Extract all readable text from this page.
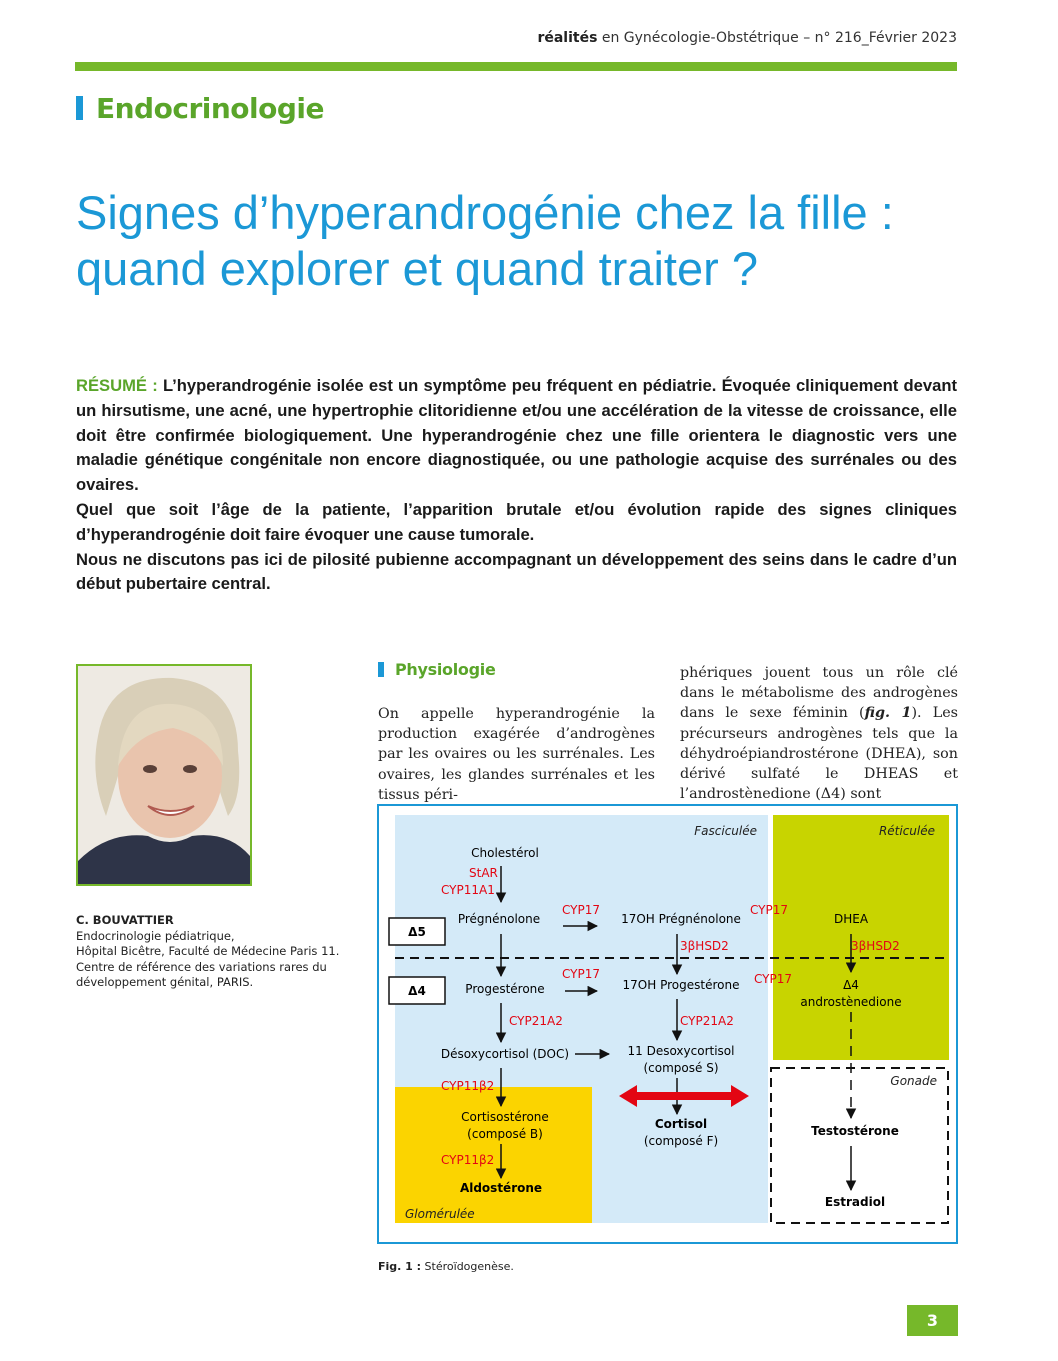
réalités en Gynécologie-Obstétrique – n° 216_Février 2023
Endocrinologie
Signes d’hyperandrogénie chez la fille :
quand explorer et quand traiter ?

RÉSUMÉ : L’hyperandrogénie isolée est un symptôme peu fréquent en pédiatrie. Évoquée cliniquement devant un hirsutisme, une acné, une hypertrophie clitoridienne et/ou une accélération de la vitesse de croissance, elle doit être confirmée biologiquement. Une hyperandrogénie chez une fille orientera le diagnostic vers une maladie génétique congénitale non encore diagnostiquée, ou une pathologie acquise des surrénales ou des ovaires.

Quel que soit l’âge de la patiente, l’apparition brutale et/ou évolution rapide des signes cliniques d’hyperandrogénie doit faire évoquer une cause tumorale.

Nous ne discutons pas ici de pilosité pubienne accompagnant un développement des seins dans le cadre d’un début pubertaire central.

C. BOUVATTIER
Endocrinologie pédiatrique,
Hôpital Bicêtre, Faculté de Médecine Paris 11.
Centre de référence des variations rares du
développement génital, PARIS.
Physiologie
On appelle hyperandrogénie la production exagérée d’androgènes par les ovaires ou les surrénales. Les ovaires, les glandes surrénales et les tissus péri-
phériques jouent tous un rôle clé dans le métabolisme des androgènes dans le sexe féminin (fig. 1). Les précurseurs androgènes tels que la déhydroépiandrostérone (DHEA), son dérivé sulfaté le DHEAS et l’androstènedione (Δ4) sont
Fasciculée	Réticulée
Glomérulée
Gonade
Δ5
Δ4
Cholestérol
Prégnénolone	17OH Prégnénolone	DHEA
Progestérone	17OH Progestérone	Δ4
androstènedione
Désoxycortisol (DOC)	11 Desoxycortisol
(composé S)
Cortisostérone
(composé B)
Cortisol
(composé F)
Aldostérone
Testostérone
Estradiol
StAR
CYP11A1
CYP17	CYP17
3βHSD2	3βHSD2
CYP17	CYP17
CYP21A2	CYP21A2
CYP11β2
CYP11β2
Fig. 1 : Stéroïdogenèse.
3
